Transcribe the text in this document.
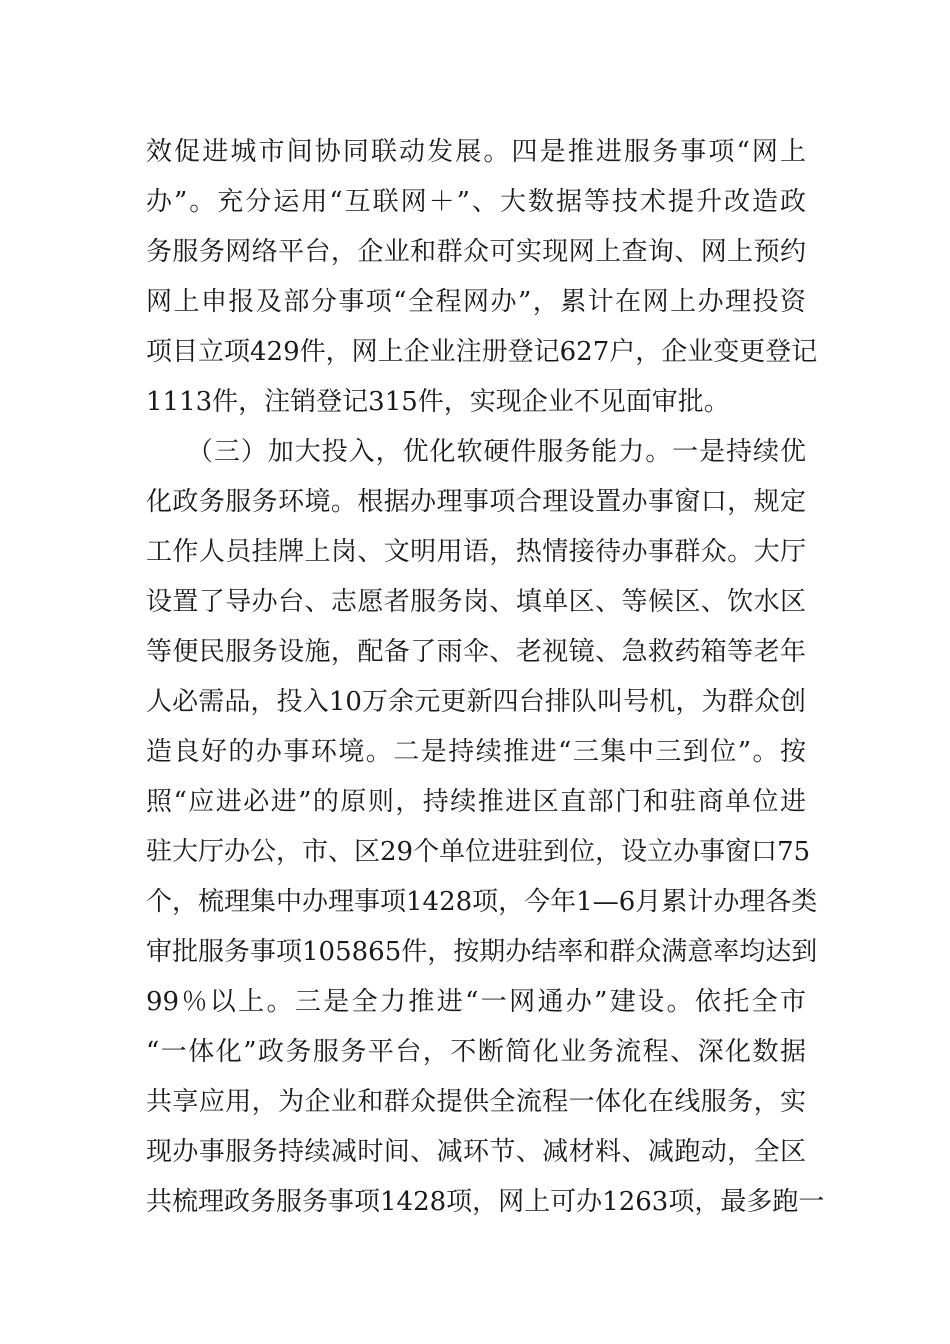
效促进城市间协同联动发展。四是推进服务事项“网上
办”。充分运用“互联网＋”、大数据等技术提升改造政
务服务网络平台，企业和群众可实现网上查询、网上预约
网上申报及部分事项“全程网办”，累计在网上办理投资
项目立项429件，网上企业注册登记627户，企业变更登记
1113件，注销登记315件，实现企业不见面审批。
　　（三）加大投入，优化软硬件服务能力。一是持续优
化政务服务环境。根据办理事项合理设置办事窗口，规定
工作人员挂牌上岗、文明用语，热情接待办事群众。大厅
设置了导办台、志愿者服务岗、填单区、等候区、饮水区
等便民服务设施，配备了雨伞、老视镜、急救药箱等老年
人必需品，投入10万余元更新四台排队叫号机，为群众创
造良好的办事环境。二是持续推进“三集中三到位”。按
照“应进必进”的原则，持续推进区直部门和驻商单位进
驻大厅办公，市、区29个单位进驻到位，设立办事窗口75
个，梳理集中办理事项1428项，今年1—6月累计办理各类
审批服务事项105865件，按期办结率和群众满意率均达到
99％以上。三是全力推进“一网通办”建设。依托全市
“一体化”政务服务平台，不断简化业务流程、深化数据
共享应用，为企业和群众提供全流程一体化在线服务，实
现办事服务持续减时间、减环节、减材料、减跑动，全区
共梳理政务服务事项1428项，网上可办1263项，最多跑一
